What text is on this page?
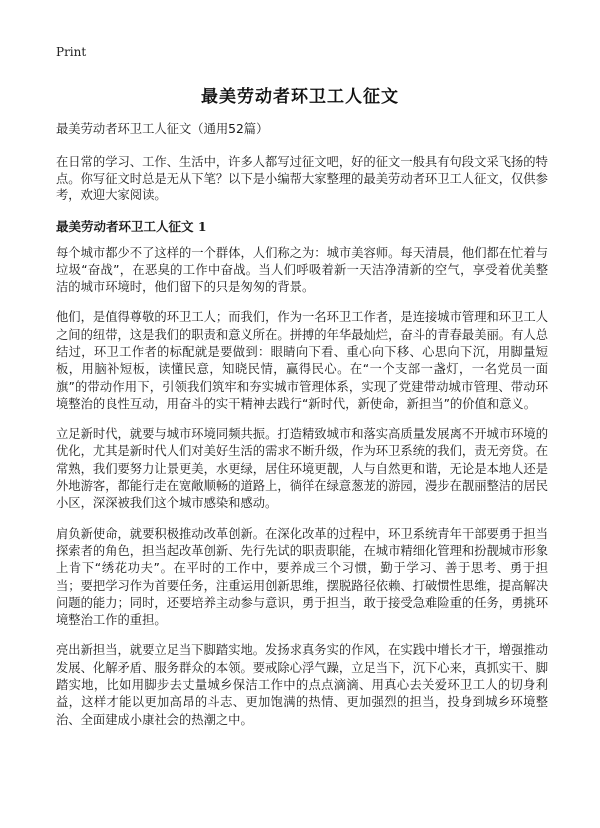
Print
最美劳动者环卫工人征文

最美劳动者环卫工人征文（通用52篇）

在日常的学习、工作、生活中，许多人都写过征文吧，好的征文一般具有句段文采飞扬的特点。你写征文时总是无从下笔？以下是小编帮大家整理的最美劳动者环卫工人征文，仅供参考，欢迎大家阅读。

最美劳动者环卫工人征文 1

每个城市都少不了这样的一个群体，人们称之为：城市美容师。每天清晨，他们都在忙着与垃圾“奋战”，在恶臭的工作中奋战。当人们呼吸着新一天洁净清新的空气，享受着优美整洁的城市环境时，他们留下的只是匆匆的背景。

他们，是值得尊敬的环卫工人；而我们，作为一名环卫工作者，是连接城市管理和环卫工人之间的纽带，这是我们的职责和意义所在。拼搏的年华最灿烂，奋斗的青春最美丽。有人总结过，环卫工作者的标配就是要做到：眼睛向下看、重心向下移、心思向下沉，用脚量短板，用脑补短板，读懂民意，知晓民情，赢得民心。在“一个支部一盏灯，一名党员一面旗”的带动作用下，引领我们筑牢和夯实城市管理体系，实现了党建带动城市管理、带动环境整治的良性互动，用奋斗的实干精神去践行“新时代，新使命，新担当”的价值和意义。

立足新时代，就要与城市环境同频共振。打造精致城市和落实高质量发展离不开城市环境的优化，尤其是新时代人们对美好生活的需求不断升级，作为环卫系统的我们，责无旁贷。在常熟，我们要努力让景更美，水更绿，居住环境更靓，人与自然更和谐，无论是本地人还是外地游客，都能行走在宽敞顺畅的道路上，徜徉在绿意葱茏的游园，漫步在靓丽整洁的居民小区，深深被我们这个城市感染和感动。

肩负新使命，就要积极推动改革创新。在深化改革的过程中，环卫系统青年干部要勇于担当探索者的角色，担当起改革创新、先行先试的职责职能，在城市精细化管理和扮靓城市形象上肯下“绣花功夫”。在平时的工作中，要养成三个习惯，勤于学习、善于思考、勇于担当；要把学习作为首要任务，注重运用创新思维，摆脱路径依赖、打破惯性思维，提高解决问题的能力；同时，还要培养主动参与意识，勇于担当，敢于接受急难险重的任务，勇挑环境整治工作的重担。

亮出新担当，就要立足当下脚踏实地。发扬求真务实的作风，在实践中增长才干，增强推动发展、化解矛盾、服务群众的本领。要戒除心浮气躁，立足当下，沉下心来，真抓实干、脚踏实地，比如用脚步去丈量城乡保洁工作中的点点滴滴、用真心去关爱环卫工人的切身利益，这样才能以更加高昂的斗志、更加饱满的热情、更加强烈的担当，投身到城乡环境整治、全面建成小康社会的热潮之中。
